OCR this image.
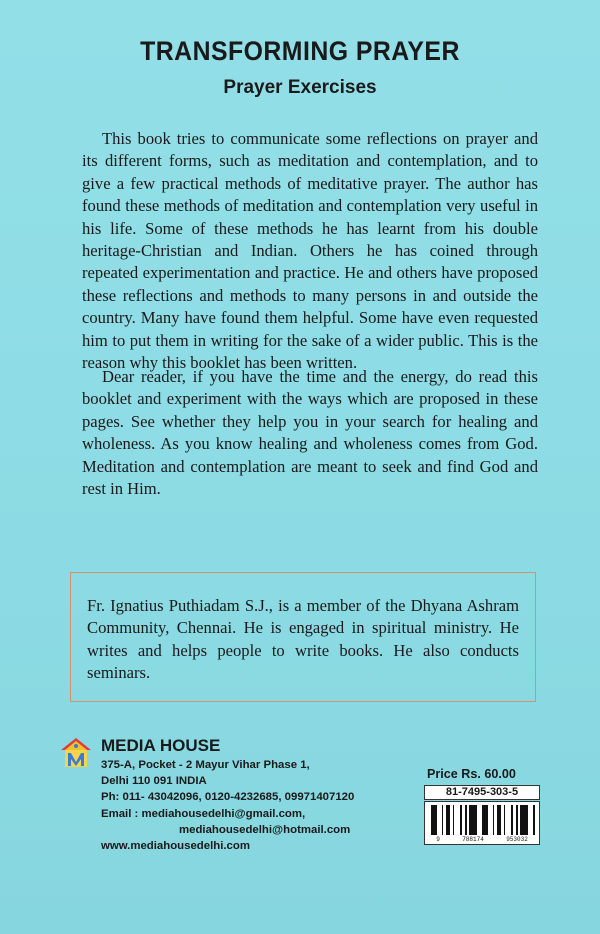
TRANSFORMING PRAYER
Prayer Exercises

This book tries to communicate some reflections on prayer and its different forms, such as meditation and contemplation, and to give a few practical methods of meditative prayer. The author has found these methods of meditation and contemplation very useful in his life. Some of these methods he has learnt from his double heritage-Christian and Indian. Others he has coined through repeated experimentation and practice. He and others have proposed these reflections and methods to many persons in and outside the country. Many have found them helpful. Some have even requested him to put them in writing for the sake of a wider public. This is the reason why this booklet has been written.

Dear reader, if you have the time and the energy, do read this booklet and experiment with the ways which are proposed in these pages. See whether they help you in your search for healing and wholeness. As you know healing and wholeness comes from God. Meditation and contemplation are meant to seek and find God and rest in Him.

Fr. Ignatius Puthiadam S.J., is a member of the Dhyana Ashram Community, Chennai. He is engaged in spiritual ministry. He writes and helps people to write books. He also conducts seminars.

MEDIA HOUSE
375-A, Pocket - 2 Mayur Vihar Phase 1,
Delhi 110 091 INDIA
Ph: 011- 43042096, 0120-4232685, 09971407120
Email : mediahousedelhi@gmail.com,
mediahousedelhi@hotmail.com
www.mediahousedelhi.com
Price Rs. 60.00
81-7495-303-5
9	788174	953032
